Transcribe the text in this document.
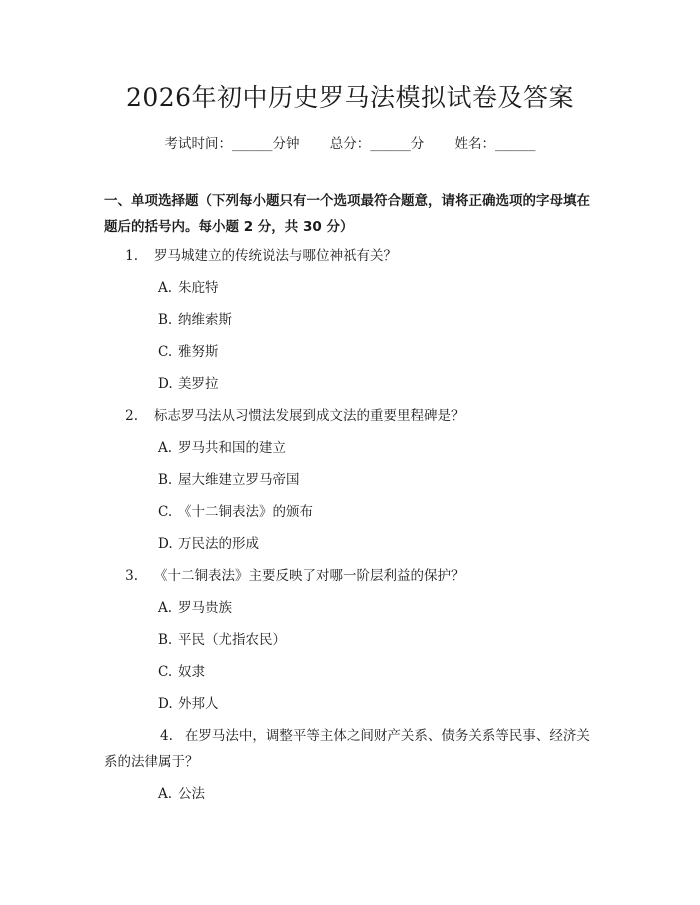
2026年初中历史罗马法模拟试卷及答案
考试时间：______分钟 总分：______分 姓名：______
一、单项选择题（下列每小题只有一个选项最符合题意，请将正确选项的字母填在题后的括号内。每小题 2 分，共 30 分）
1. 罗马城建立的传统说法与哪位神祇有关？
A. 朱庇特
B. 纳维索斯
C. 雅努斯
D. 美罗拉
2. 标志罗马法从习惯法发展到成文法的重要里程碑是？
A. 罗马共和国的建立
B. 屋大维建立罗马帝国
C. 《十二铜表法》的颁布
D. 万民法的形成
3. 《十二铜表法》主要反映了对哪一阶层利益的保护？
A. 罗马贵族
B. 平民（尤指农民）
C. 奴隶
D. 外邦人
4. 在罗马法中，调整平等主体之间财产关系、债务关系等民事、经济关系的法律属于？
A. 公法
